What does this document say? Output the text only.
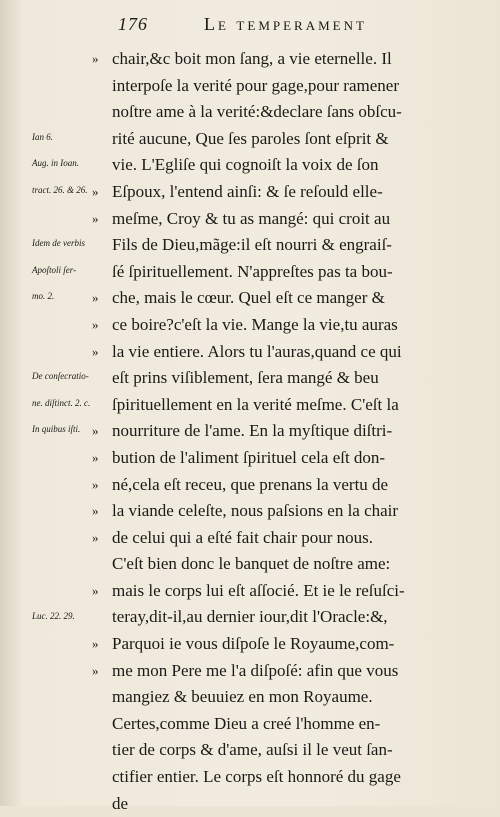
176	Le temperament
Ian 6.
Aug. in Ioan.
tract. 26. & 26.
Idem de verbis
Apoſtoli ſer-
mo. 2.
De conſecratio-
ne. diſtinct. 2. c.
In quibus iſti.
Luc. 22. 29.
» chair,&c boit mon ſang, a vie eternelle. Il
interpoſe la verité pour gage,pour ramener
noſtre ame à la verité:&declare ſans obſcu-
rité aucune, Que ſes paroles ſont eſprit &
vie. L'Egliſe qui cognoiſt la voix de ſon
» Eſpoux, l'entend ainſi: & ſe reſould elle-
» meſme, Croy & tu as mangé: qui croit au
Fils de Dieu,mãge:il eſt nourri & engraiſ-
ſé ſpirituellement. N'appreſtes pas ta bou-
» che, mais le cœur. Quel eſt ce manger &
» ce boire?c'eſt la vie. Mange la vie,tu auras
» la vie entiere. Alors tu l'auras,quand ce qui
eſt prins viſiblement, ſera mangé & beu
ſpirituellement en la verité meſme. C'eſt la
» nourriture de l'ame. En la myſtique diſtri-
» bution de l'aliment ſpirituel cela eſt don-
» né,cela eſt receu, que prenans la vertu de
» la viande celeſte, nous paſsions en la chair
» de celui qui a eſté fait chair pour nous.
C'eſt bien donc le banquet de noſtre ame:
» mais le corps lui eſt aſſocié. Et ie le reſuſci-
teray,dit-il,au dernier iour,dit l'Oracle:&,
» Parquoi ie vous diſpoſe le Royaume,com-
» me mon Pere me l'a diſpoſé: afin que vous
mangiez & beuuiez en mon Royaume.
Certes,comme Dieu a creé l'homme en-
tier de corps & d'ame, auſsi il le veut ſan-
ctifier entier. Le corps eſt honnoré du gage
de
